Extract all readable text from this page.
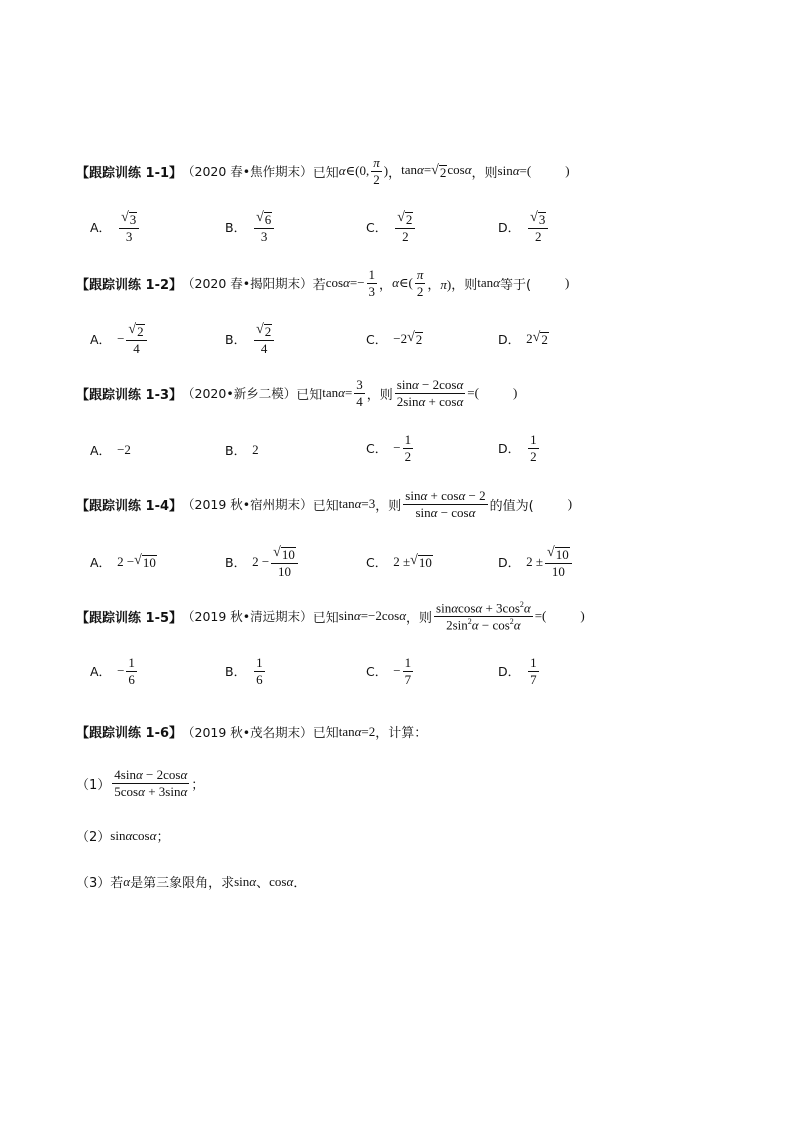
【跟踪训练 1-1】 （2020 春•焦作期末） 已知 α∈(0, $\frac{\pi}{2}$ ) ， tanα= √ 2 cosα ，则 sinα =(	)
A． $\frac{√ 3}{3}$	B． $\frac{√ 6}{3}$	C． $\frac{√ 2}{2}$	D． $\frac{√ 3}{2}$
【跟踪训练 1-2】 （2020 春•揭阳期末） 若 $\cos\alpha=- \frac{1}{3}$ ， α∈( $\frac{\pi}{2}$ ，π) ，则 tanα 等于(	)
A． − $\frac{√ 2}{4}$	B． $\frac{√ 2}{4}$	C． −2 √ 2	D． 2 √ 2
【跟踪训练 1-3】 （2020•新乡二模） 已知 $\tan\alpha= \frac{3}{4}$ ，则 $\frac{\sin\alpha - 2\cos\alpha}{2\sin\alpha + \cos\alpha}$ =(	)
A． −2	B． 2	C． − $\frac{1}{2}$	D． $\frac{1}{2}$
【跟踪训练 1-4】 （2019 秋•宿州期末） 已知 tanα=3 ，则 $\frac{\sin\alpha + \cos\alpha - 2}{\sin\alpha - \cos\alpha}$ 的值为(	)
A． 2 − √ 10	B． $2 - \frac{√ 10}{10}$	C． 2 ± √ 10	D． $2 \pm \frac{√ 10}{10}$
【跟踪训练 1-5】 （2019 秋•清远期末） 已知 sinα=−2cosα ，则 $\frac{\sin\alpha\cos\alpha + 3\cos^2\alpha}{2\sin^2\alpha - \cos^2\alpha}$ =(	)
A． − $\frac{1}{6}$	B． $\frac{1}{6}$	C． − $\frac{1}{7}$	D． $\frac{1}{7}$
【跟踪训练 1-6】 （2019 秋•茂名期末） 已知 tanα=2 ，计算：
$(1) \frac{4\sin\alpha - 2\cos\alpha}{5\cos\alpha + 3\sin\alpha}$ ；
（2） sinαcosα ；
（3）若 α 是第三象限角，求 sinα 、 cosα ．
